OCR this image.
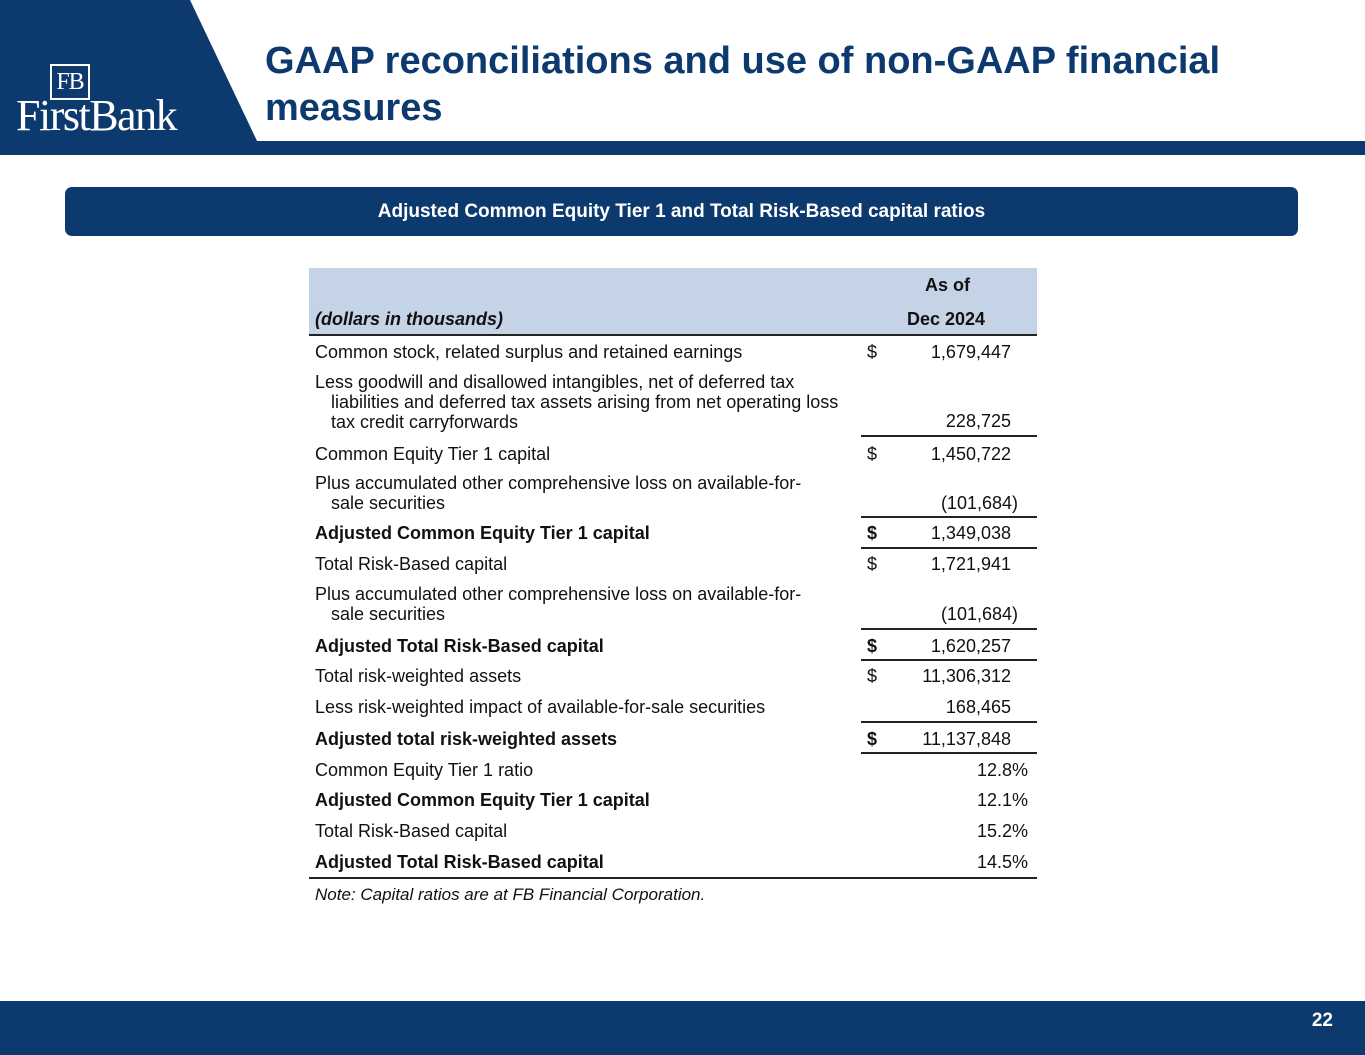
FB
FirstBank
GAAP reconciliations and use of non-GAAP financial measures
Adjusted Common Equity Tier 1 and Total Risk-Based capital ratios
As of
(dollars in thousands)	Dec 2024
Common stock, related surplus and retained earnings	$	1,679,447
Less goodwill and disallowed intangibles, net of deferred tax
liabilities and deferred tax assets arising from net operating loss tax credit carryforwards	228,725
Common Equity Tier 1 capital	$	1,450,722
Plus accumulated other comprehensive loss on available-for-
sale securities	(101,684)
Adjusted Common Equity Tier 1 capital	$	1,349,038
Total Risk-Based capital	$	1,721,941
Plus accumulated other comprehensive loss on available-for-
sale securities	(101,684)
Adjusted Total Risk-Based capital	$	1,620,257
Total risk-weighted assets	$	11,306,312
Less risk-weighted impact of available-for-sale securities	168,465
Adjusted total risk-weighted assets	$	11,137,848
Common Equity Tier 1 ratio	12.8%
Adjusted Common Equity Tier 1 capital	12.1%
Total Risk-Based capital	15.2%
Adjusted Total Risk-Based capital	14.5%
Note: Capital ratios are at FB Financial Corporation.
22
